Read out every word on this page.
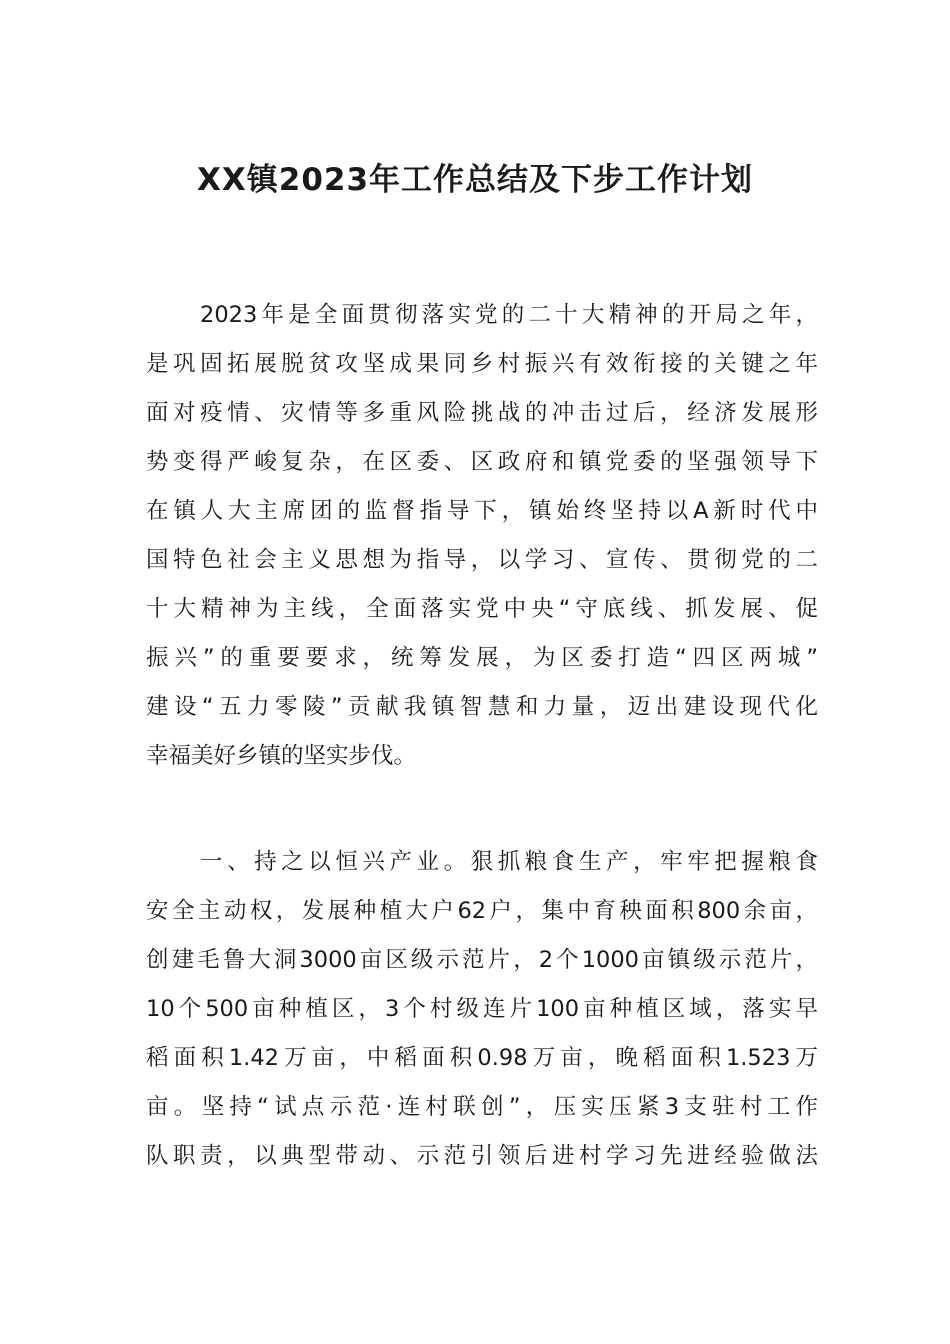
XX镇2023年工作总结及下步工作计划
2023年是全面贯彻落实党的二十大精神的开局之年，
是巩固拓展脱贫攻坚成果同乡村振兴有效衔接的关键之年
面对疫情、灾情等多重风险挑战的冲击过后，经济发展形
势变得严峻复杂，在区委、区政府和镇党委的坚强领导下
在镇人大主席团的监督指导下，镇始终坚持以A新时代中
国特色社会主义思想为指导，以学习、宣传、贯彻党的二
十大精神为主线，全面落实党中央“守底线、抓发展、促
振兴”的重要要求，统筹发展，为区委打造“四区两城”
建设“五力零陵”贡献我镇智慧和力量，迈出建设现代化
幸福美好乡镇的坚实步伐。
一、持之以恒兴产业。狠抓粮食生产，牢牢把握粮食
安全主动权，发展种植大户62户，集中育秧面积800余亩，
创建毛鲁大洞3000亩区级示范片，2个1000亩镇级示范片，
10个500亩种植区，3个村级连片100亩种植区域，落实早
稻面积1.42万亩，中稻面积0.98万亩，晚稻面积1.523万
亩。坚持“试点示范·连村联创”，压实压紧3支驻村工作
队职责，以典型带动、示范引领后进村学习先进经验做法
